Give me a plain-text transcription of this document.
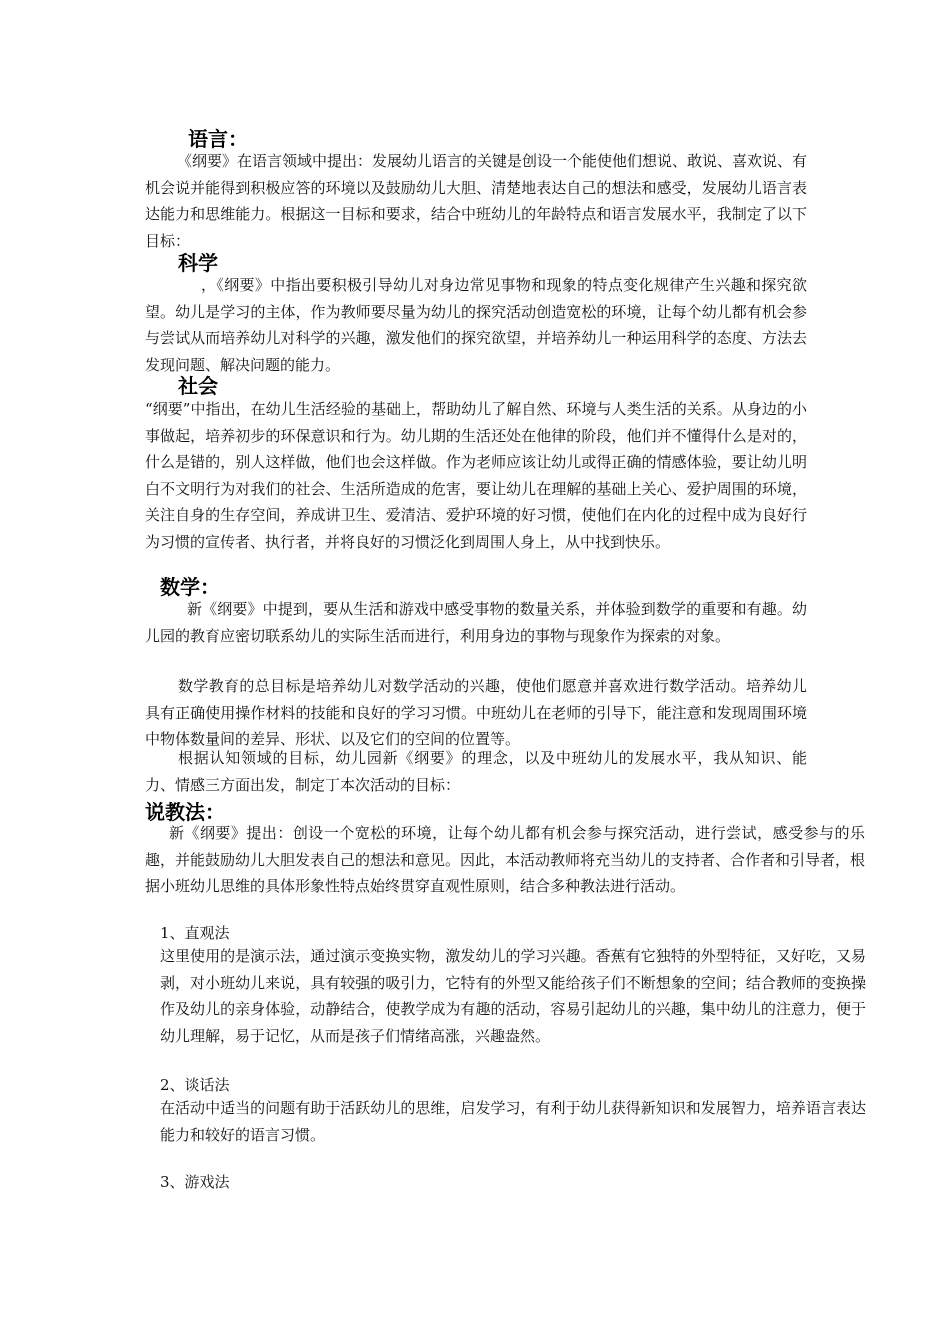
语言：
《纲要》在语言领域中提出：发展幼儿语言的关键是创设一个能使他们想说、敢说、喜欢说、有机会说并能得到积极应答的环境以及鼓励幼儿大胆、清楚地表达自己的想法和感受，发展幼儿语言表达能力和思维能力。根据这一目标和要求，结合中班幼儿的年龄特点和语言发展水平，我制定了以下目标：
科学
，《纲要》中指出要积极引导幼儿对身边常见事物和现象的特点变化规律产生兴趣和探究欲望。幼儿是学习的主体，作为教师要尽量为幼儿的探究活动创造宽松的环境，让每个幼儿都有机会参与尝试从而培养幼儿对科学的兴趣，激发他们的探究欲望，并培养幼儿一种运用科学的态度、方法去发现问题、解决问题的能力。
社会
“纲要”中指出，在幼儿生活经验的基础上，帮助幼儿了解自然、环境与人类生活的关系。从身边的小事做起，培养初步的环保意识和行为。幼儿期的生活还处在他律的阶段，他们并不懂得什么是对的，什么是错的，别人这样做，他们也会这样做。作为老师应该让幼儿或得正确的情感体验，要让幼儿明白不文明行为对我们的社会、生活所造成的危害，要让幼儿在理解的基础上关心、爱护周围的环境，关注自身的生存空间，养成讲卫生、爱清洁、爱护环境的好习惯，使他们在内化的过程中成为良好行为习惯的宣传者、执行者，并将良好的习惯泛化到周围人身上，从中找到快乐。
数学：
新《纲要》中提到，要从生活和游戏中感受事物的数量关系，并体验到数学的重要和有趣。幼儿园的教育应密切联系幼儿的实际生活而进行，利用身边的事物与现象作为探索的对象。
数学教育的总目标是培养幼儿对数学活动的兴趣，使他们愿意并喜欢进行数学活动。培养幼儿具有正确使用操作材料的技能和良好的学习习惯。中班幼儿在老师的引导下，能注意和发现周围环境中物体数量间的差异、形状、以及它们的空间的位置等。
根据认知领域的目标，幼儿园新《纲要》的理念，以及中班幼儿的发展水平，我从知识、能力、情感三方面出发，制定丁本次活动的目标：
说教法：
新《纲要》提出：创设一个宽松的环境，让每个幼儿都有机会参与探究活动，进行尝试，感受参与的乐趣，并能鼓励幼儿大胆发表自己的想法和意见。因此，本活动教师将充当幼儿的支持者、合作者和引导者，根据小班幼儿思维的具体形象性特点始终贯穿直观性原则，结合多种教法进行活动。
1、直观法
这里使用的是演示法，通过演示变换实物，激发幼儿的学习兴趣。香蕉有它独特的外型特征，又好吃，又易剥，对小班幼儿来说，具有较强的吸引力，它特有的外型又能给孩子们不断想象的空间；结合教师的变换操作及幼儿的亲身体验，动静结合，使教学成为有趣的活动，容易引起幼儿的兴趣，集中幼儿的注意力，便于幼儿理解，易于记忆，从而是孩子们情绪高涨，兴趣盎然。
2、谈话法
在活动中适当的问题有助于活跃幼儿的思维，启发学习，有利于幼儿获得新知识和发展智力，培养语言表达能力和较好的语言习惯。
3、游戏法
